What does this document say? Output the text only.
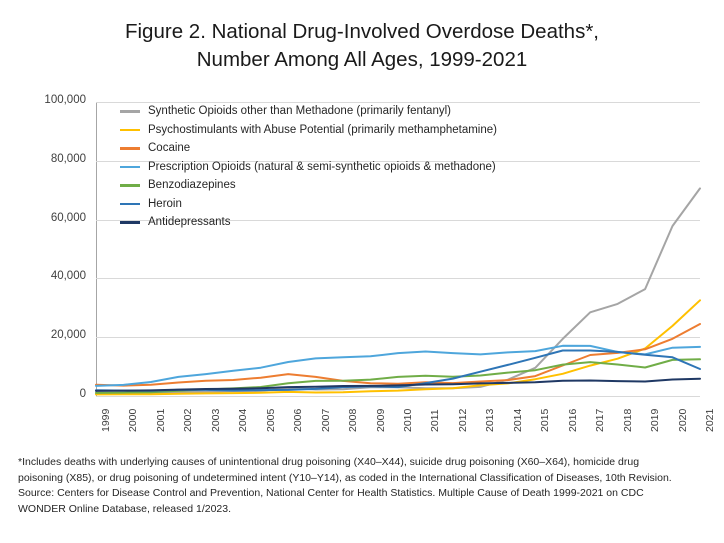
Figure 2. National Drug-Involved Overdose Deaths*,
Number Among All Ages, 1999-2021
0
20,000
40,000
60,000
80,000
100,000
1999 2000 2001 2002 2003 2004 2005 2006 2007 2008 2009 2010 2011 2012 2013 2014 2015 2016 2017 2018 2019 2020 2021
Synthetic Opioids other than Methadone (primarily fentanyl)
Psychostimulants with Abuse Potential (primarily methamphetamine)
Cocaine
Prescription Opioids (natural & semi-synthetic opioids & methadone)
Benzodiazepines
Heroin
Antidepressants

*Includes deaths with underlying causes of unintentional drug poisoning (X40–X44), suicide drug poisoning (X60–X64), homicide drug

poisoning (X85), or drug poisoning of undetermined intent (Y10–Y14), as coded in the International Classification of Diseases, 10th Revision.

Source: Centers for Disease Control and Prevention, National Center for Health Statistics. Multiple Cause of Death 1999-2021 on CDC

WONDER Online Database, released 1/2023.
